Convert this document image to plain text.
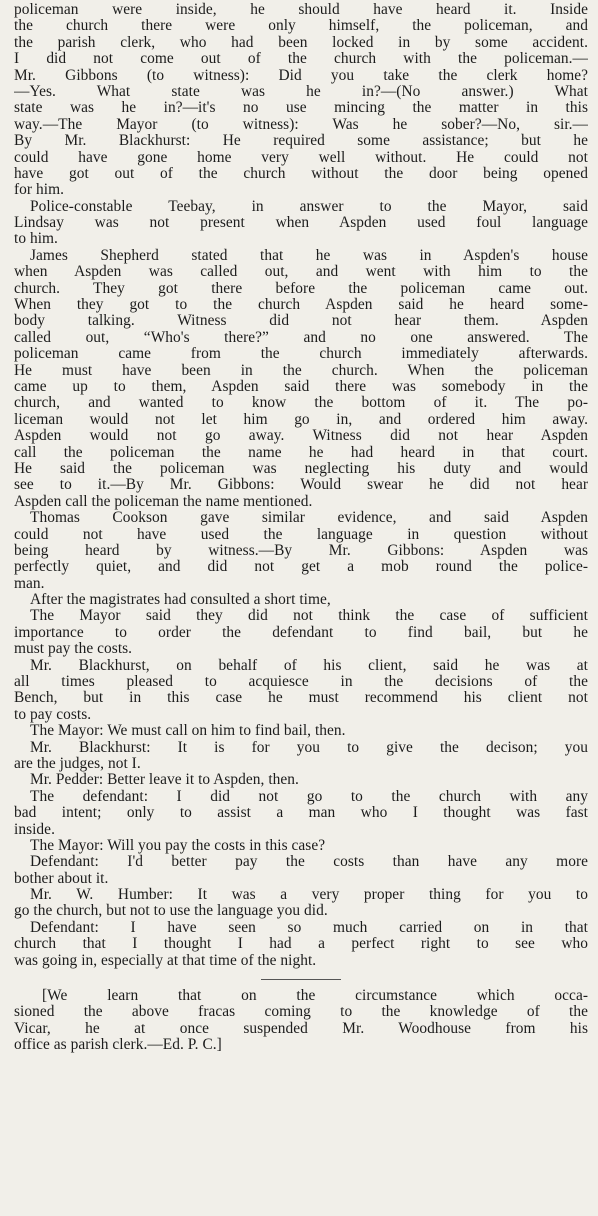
policeman were inside, he should have heard it. Inside
the church there were only himself, the policeman, and
the parish clerk, who had been locked in by some accident.
I did not come out of the church with the policeman.—
Mr. Gibbons (to witness): Did you take the clerk home?
—Yes. What state was he in?—(No answer.) What
state was he in?—it's no use mincing the matter in this
way.—The Mayor (to witness): Was he sober?—No, sir.—
By Mr. Blackhurst: He required some assistance; but he
could have gone home very well without. He could not
have got out of the church without the door being opened
for him.
Police-constable Teebay, in answer to the Mayor, said
Lindsay was not present when Aspden used foul language
to him.
James Shepherd stated that he was in Aspden's house
when Aspden was called out, and went with him to the
church. They got there before the policeman came out.
When they got to the church Aspden said he heard some-
body talking. Witness did not hear them. Aspden
called out, “Who's there?” and no one answered. The
policeman came from the church immediately afterwards.
He must have been in the church. When the policeman
came up to them, Aspden said there was somebody in the
church, and wanted to know the bottom of it. The po-
liceman would not let him go in, and ordered him away.
Aspden would not go away. Witness did not hear Aspden
call the policeman the name he had heard in that court.
He said the policeman was neglecting his duty and would
see to it.—By Mr. Gibbons: Would swear he did not hear
Aspden call the policeman the name mentioned.
Thomas Cookson gave similar evidence, and said Aspden
could not have used the language in question without
being heard by witness.—By Mr. Gibbons: Aspden was
perfectly quiet, and did not get a mob round the police-
man.
After the magistrates had consulted a short time,
The Mayor said they did not think the case of sufficient
importance to order the defendant to find bail, but he
must pay the costs.
Mr. Blackhurst, on behalf of his client, said he was at
all times pleased to acquiesce in the decisions of the
Bench, but in this case he must recommend his client not
to pay costs.
The Mayor: We must call on him to find bail, then.
Mr. Blackhurst: It is for you to give the decison; you
are the judges, not I.
Mr. Pedder: Better leave it to Aspden, then.
The defendant: I did not go to the church with any
bad intent; only to assist a man who I thought was fast
inside.
The Mayor: Will you pay the costs in this case?
Defendant: I'd better pay the costs than have any more
bother about it.
Mr. W. Humber: It was a very proper thing for you to
go the church, but not to use the language you did.
Defendant: I have seen so much carried on in that
church that I thought I had a perfect right to see who
was going in, especially at that time of the night.
[We learn that on the circumstance which occa-
sioned the above fracas coming to the knowledge of the
Vicar, he at once suspended Mr. Woodhouse from his
office as parish clerk.—Ed. P. C.]
